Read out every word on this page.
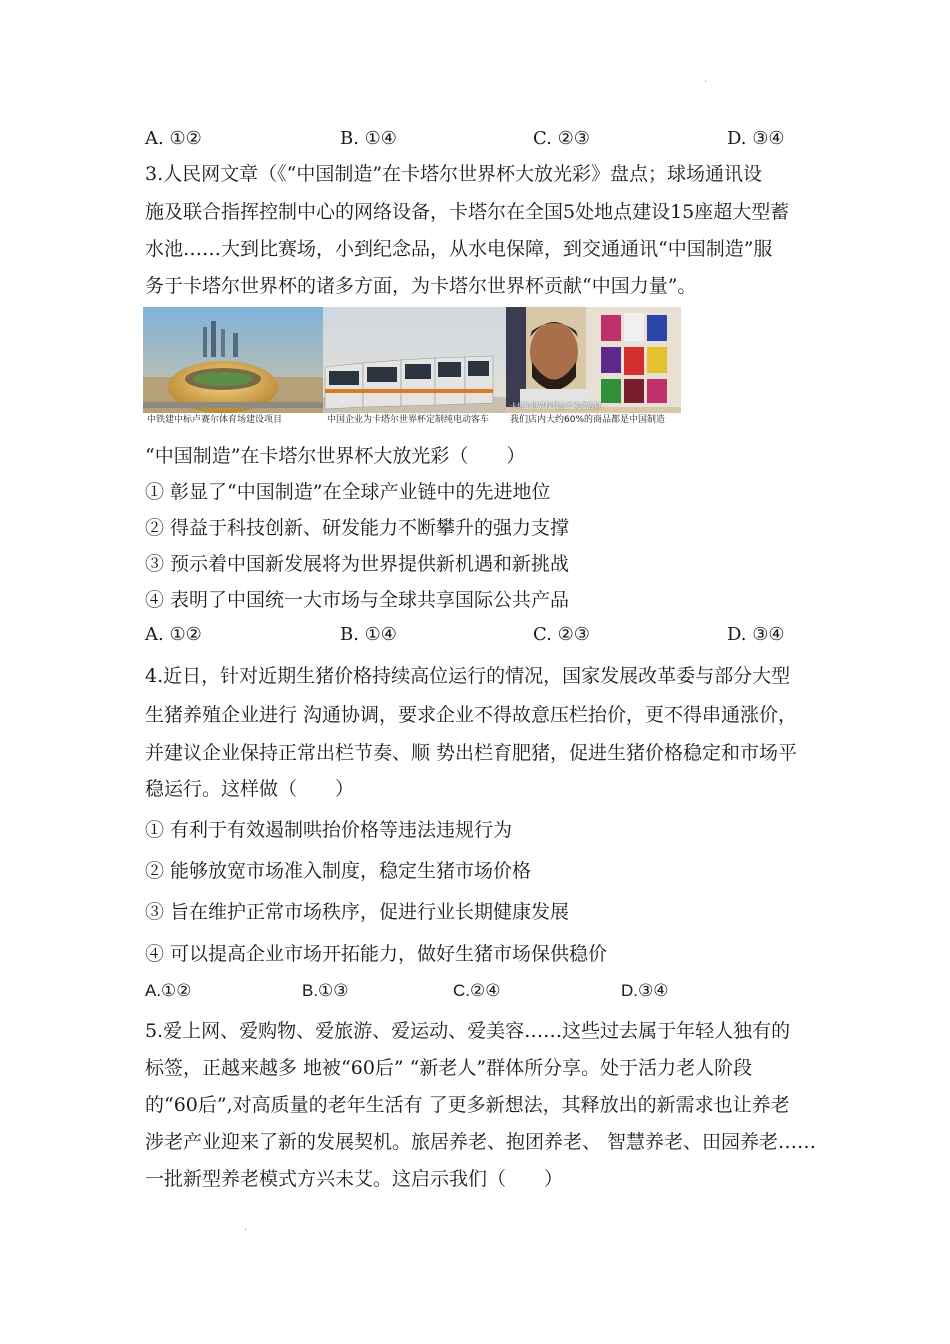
.
A. ①②	B. ①④	C. ②③	D. ③④
3.人民网文章（《“中国制造”在卡塔尔世界杯大放光彩》盘点；球场通讯设
施及联合指挥控制中心的网络设备，卡塔尔在全国5处地点建设15座超大型蓄
水池……大到比赛场，小到纪念品，从水电保障，到交通通讯“中国制造”服
务于卡塔尔世界杯的诸多方面，为卡塔尔世界杯贡献“中国力量”。
中铁建中标卢赛尔体育场建设项目	中国企业为卡塔尔世界杯定制纯电动客车
卡塔尔世界杯商品专卖店店员
我们店内大约60%的商品都是中国制造
“中国制造”在卡塔尔世界杯大放光彩（　　）
① 彰显了“中国制造”在全球产业链中的先进地位
② 得益于科技创新、研发能力不断攀升的强力支撑
③ 预示着中国新发展将为世界提供新机遇和新挑战
④ 表明了中国统一大市场与全球共享国际公共产品
A. ①②	B. ①④	C. ②③	D. ③④
4.近日，针对近期生猪价格持续高位运行的情况，国家发展改革委与部分大型
生猪养殖企业进行 沟通协调，要求企业不得故意压栏抬价，更不得串通涨价，
并建议企业保持正常出栏节奏、顺 势出栏育肥猪，促进生猪价格稳定和市场平
稳运行。这样做（　　）
① 有利于有效遏制哄抬价格等违法违规行为
② 能够放宽市场准入制度，稳定生猪市场价格
③ 旨在维护正常市场秩序，促进行业长期健康发展
④ 可以提高企业市场开拓能力，做好生猪市场保供稳价
A.①②	B.①③	C.②④	D.③④
5.爱上网、爱购物、爱旅游、爱运动、爱美容……这些过去属于年轻人独有的
标签，正越来越多 地被“60后” “新老人”群体所分享。处于活力老人阶段
的“60后”,对高质量的老年生活有 了更多新想法，其释放出的新需求也让养老
涉老产业迎来了新的发展契机。旅居养老、抱团养老、 智慧养老、田园养老……
一批新型养老模式方兴未艾。这启示我们（　　）
.
